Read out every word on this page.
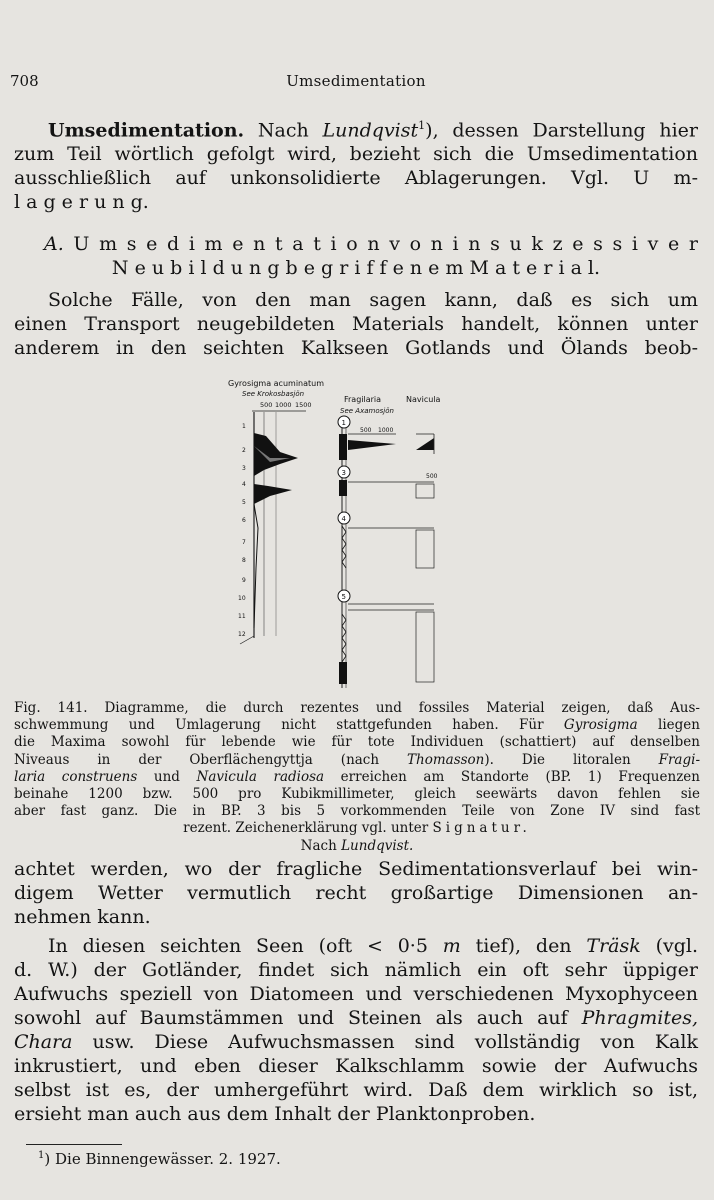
708	Umsedimentation
Umsedimentation. Nach Lundqvist$^1$), dessen Darstellung hier
zum Teil wörtlich gefolgt wird, bezieht sich die Umsedimentation
ausschließlich auf unkonsolidierte Ablagerungen. Vgl. U m-
l a g e r u n g.
A. U m s e d i m e n t a t i o n v o n i n s u k z e s s i v e r
N e u b i l d u n g b e g r i f f e n e m M a t e r i a l.
Solche Fälle, von den man sagen kann, daß es sich um
einen Transport neugebildeten Materials handelt, können unter
anderem in den seichten Kalkseen Gotlands und Ölands beob-
Gyrosigma acuminatum
See Krokosbasjön
500 1000 1500
1
2
3
4
5
6
7
8
9
10
11
12
Fragilaria	Navicula
See Axamosjön
500 1000
1
3	500
4
5
Fig. 141. Diagramme, die durch rezentes und fossiles Material zeigen, daß Aus-
schwemmung und Umlagerung nicht stattgefunden haben. Für Gyrosigma liegen
die Maxima sowohl für lebende wie für tote Individuen (schattiert) auf denselben
Niveaus in der Oberflächengyttja (nach Thomasson). Die litoralen Fragi-
laria construens und Navicula radiosa erreichen am Standorte (BP. 1) Frequenzen
beinahe 1200 bzw. 500 pro Kubikmillimeter, gleich seewärts davon fehlen sie
aber fast ganz. Die in BP. 3 bis 5 vorkommenden Teile von Zone IV sind fast
rezent. Zeichenerklärung vgl. unter Signatur.
Nach Lundqvist.
achtet werden, wo der fragliche Sedimentationsverlauf bei win-
digem Wetter vermutlich recht großartige Dimensionen an-
nehmen kann.
In diesen seichten Seen (oft < 0·5 m tief), den Träsk (vgl.
d. W.) der Gotländer, findet sich nämlich ein oft sehr üppiger
Aufwuchs speziell von Diatomeen und verschiedenen Myxophyceen
sowohl auf Baumstämmen und Steinen als auch auf Phragmites,
Chara usw. Diese Aufwuchsmassen sind vollständig von Kalk
inkrustiert, und eben dieser Kalkschlamm sowie der Aufwuchs
selbst ist es, der umhergeführt wird. Daß dem wirklich so ist,
ersieht man auch aus dem Inhalt der Planktonproben.
$^1$) Die Binnengewässer. 2. 1927.
